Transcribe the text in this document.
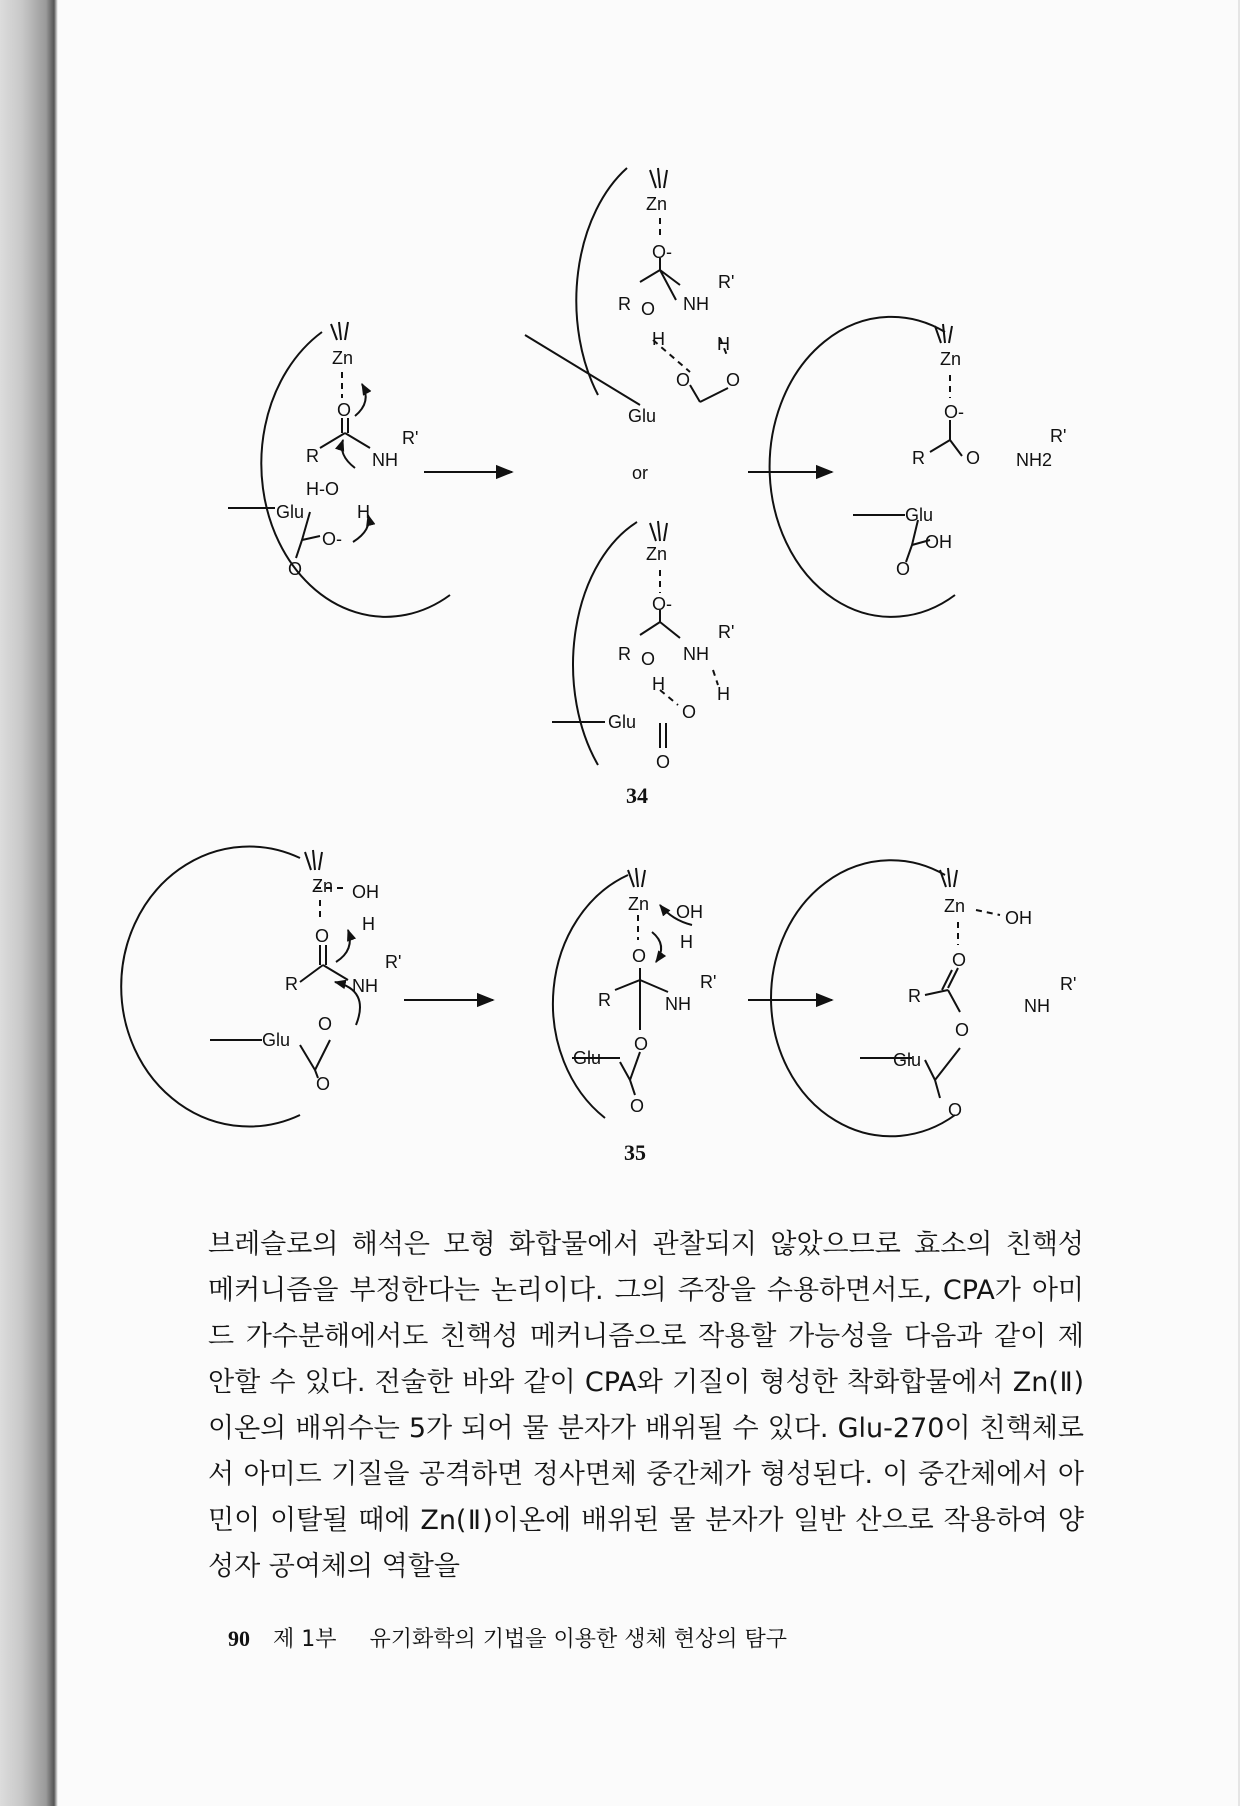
Zn
O
R	NH
R'
H-O
H
Glu
O-
O
Zn
O-
R O NH
R'
H	H
O O
Glu
or
Zn
O-
R O NH
R'
H	H
O
Glu
O
Zn
O-
R O NH2
R'
Glu
OH
O
Zn OH
H
O
R	NH
R'
Glu
O
O
Zn OH
H
O
R	NH
R'
Glu
O
O
Zn
OH
O
R
O
NH
R'
Glu
O
34
35

브레슬로의 해석은 모형 화합물에서 관찰되지 않았으므로 효소의 친핵성 메커니즘을 부정한다는 논리이다. 그의 주장을 수용하면서도, CPA가 아미드 가수분해에서도 친핵성 메커니즘으로 작용할 가능성을 다음과 같이 제안할 수 있다. 전술한 바와 같이 CPA와 기질이 형성한 착화합물에서 Zn(Ⅱ)이온의 배위수는 5가 되어 물 분자가 배위될 수 있다. Glu-270이 친핵체로서 아미드 기질을 공격하면 정사면체 중간체가 형성된다. 이 중간체에서 아민이 이탈될 때에 Zn(Ⅱ)이온에 배위된 물 분자가 일반 산으로 작용하여 양성자 공여체의 역할을

90 제 1부 유기화학의 기법을 이용한 생체 현상의 탐구
